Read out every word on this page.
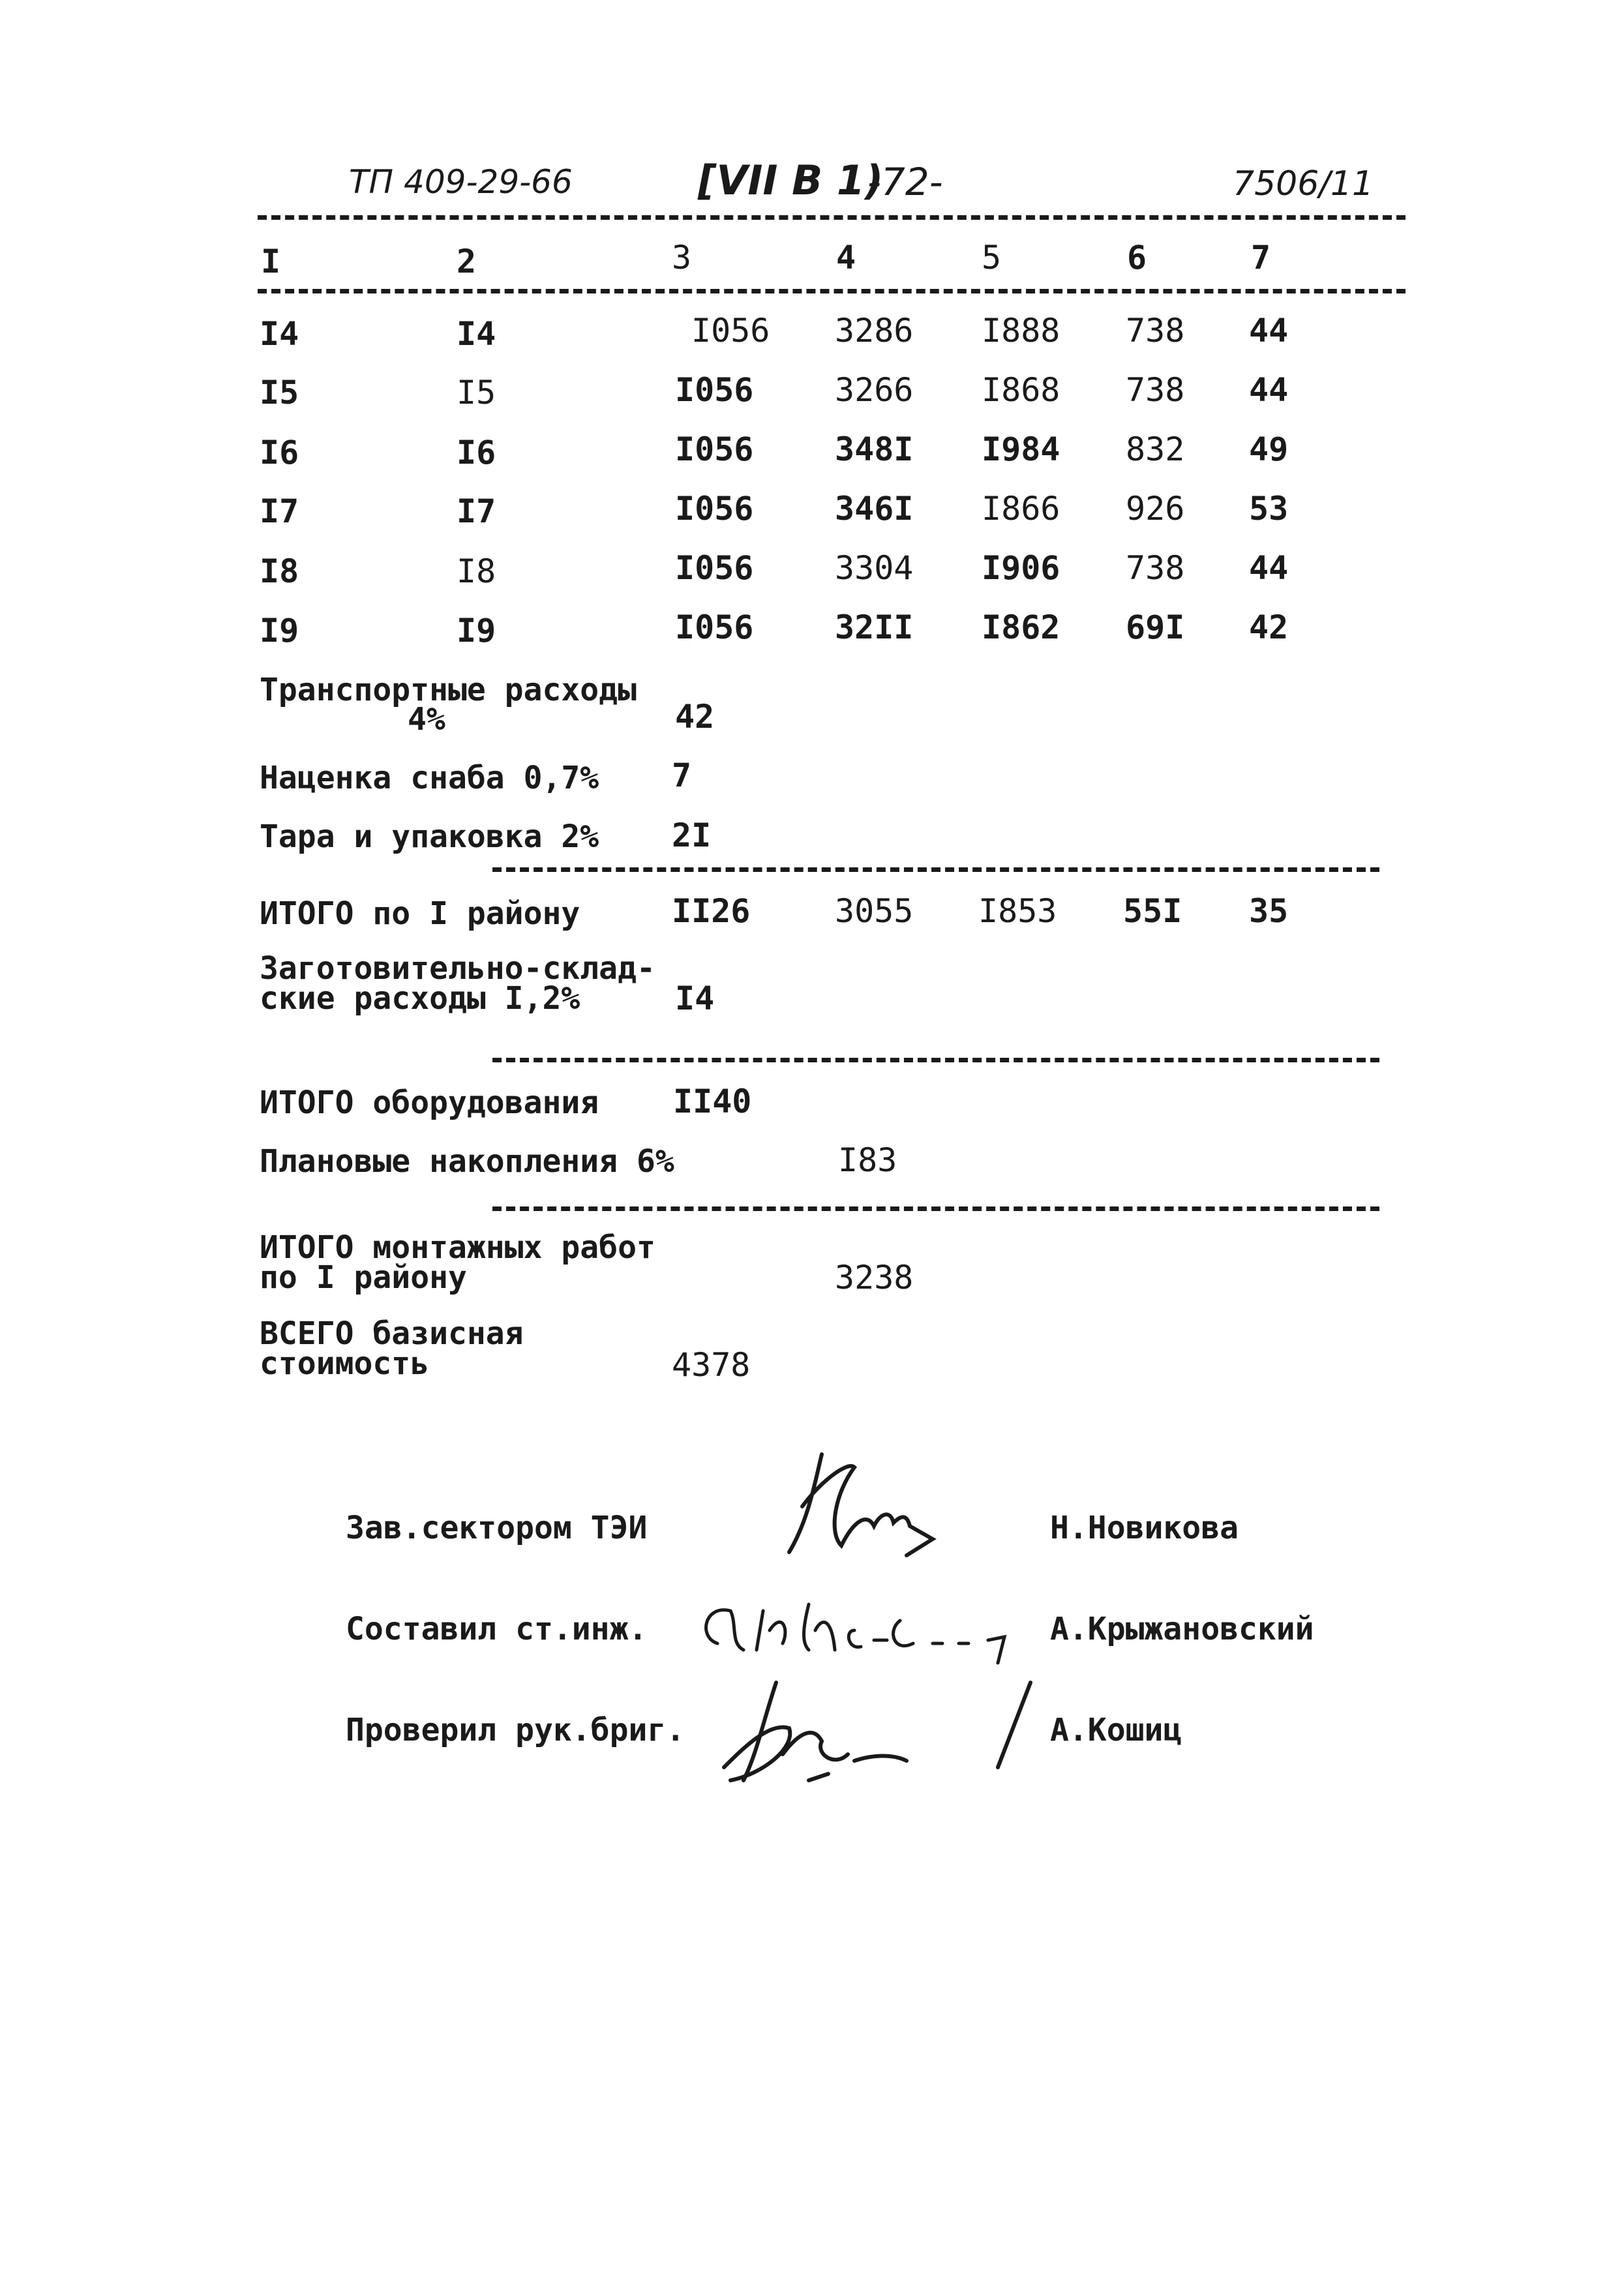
ТП 409-29-66	[VII В 1)
-72-	7506/11
I	2	3	4	5	6	7
I4	I4	I056 3286 I888 738 44
I5	I5	I056 3266 I868 738 44
I6	I6	I056 348I I984 832 49
I7	I7	I056 346I I866 926 53
I8	I8	I056 3304 I906 738 44
I9	I9	I056 32II I862 69I 42
Транспортные расходы
4%	42
Наценка снаба 0,7% 7
Тара и упаковка 2% 2I
ИТОГО по I району	II26	3055 I853 55I 35
Заготовительно-склад-
ские расходы I,2%	I4
ИТОГО оборудования II40
Плановые накопления 6%	I83
ИТОГО монтажных работ
по I району	3238
ВСЕГО базисная
стоимость	4378
Зав.сектором ТЭИ	Н.Новикова
Составил ст.инж.	А.Крыжановский
Проверил рук.бриг.	А.Кошиц
